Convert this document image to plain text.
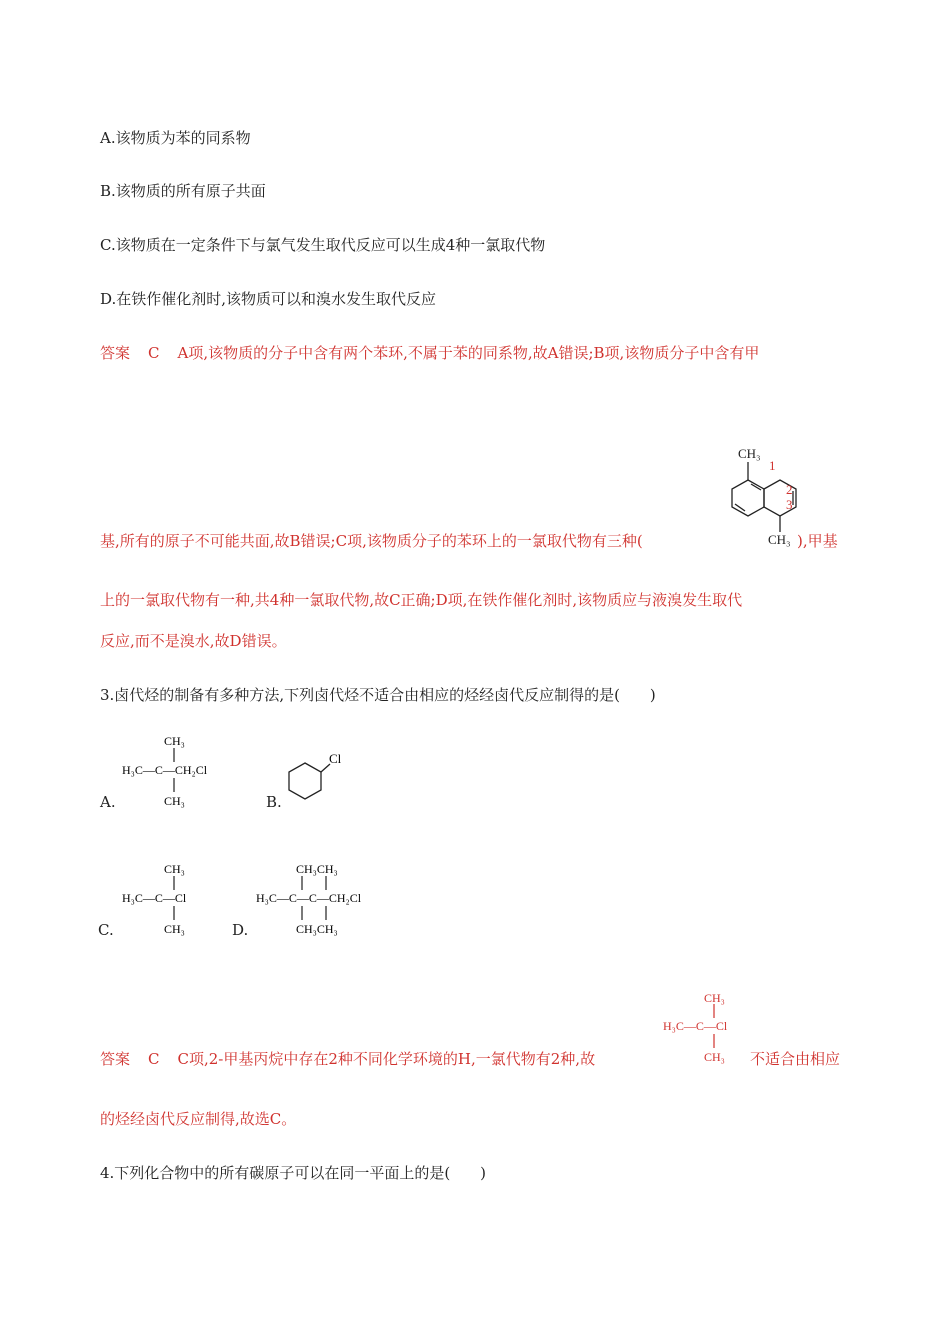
A.该物质为苯的同系物
B.该物质的所有原子共面
C.该物质在一定条件下与氯气发生取代反应可以生成4种一氯取代物
D.在铁作催化剂时,该物质可以和溴水发生取代反应
答案 C A项,该物质的分子中含有两个苯环,不属于苯的同系物,故A错误;B项,该物质分子中含有甲
CH₃
1
2
3
CH₃
基,所有的原子不可能共面,故B错误;C项,该物质分子的苯环上的一氯取代物有三种(	),甲基
上的一氯取代物有一种,共4种一氯取代物,故C正确;D项,在铁作催化剂时,该物质应与液溴发生取代
反应,而不是溴水,故D错误。
3.卤代烃的制备有多种方法,下列卤代烃不适合由相应的烃经卤代反应制得的是(　　)
A.
CH₃
H₃C—C—CH₂Cl
CH₃	B.
Cl
C.
CH₃
H₃C—C—Cl
CH₃	D.
CH₃CH₃
H₃C—C—C—CH₂Cl
CH₃CH₃
答案 C C项,2-甲基丙烷中存在2种不同化学环境的H,一氯代物有2种,故
CH₃
H₃C—C—Cl
CH₃ 不适合由相应
的烃经卤代反应制得,故选C。
4.下列化合物中的所有碳原子可以在同一平面上的是(　　)
